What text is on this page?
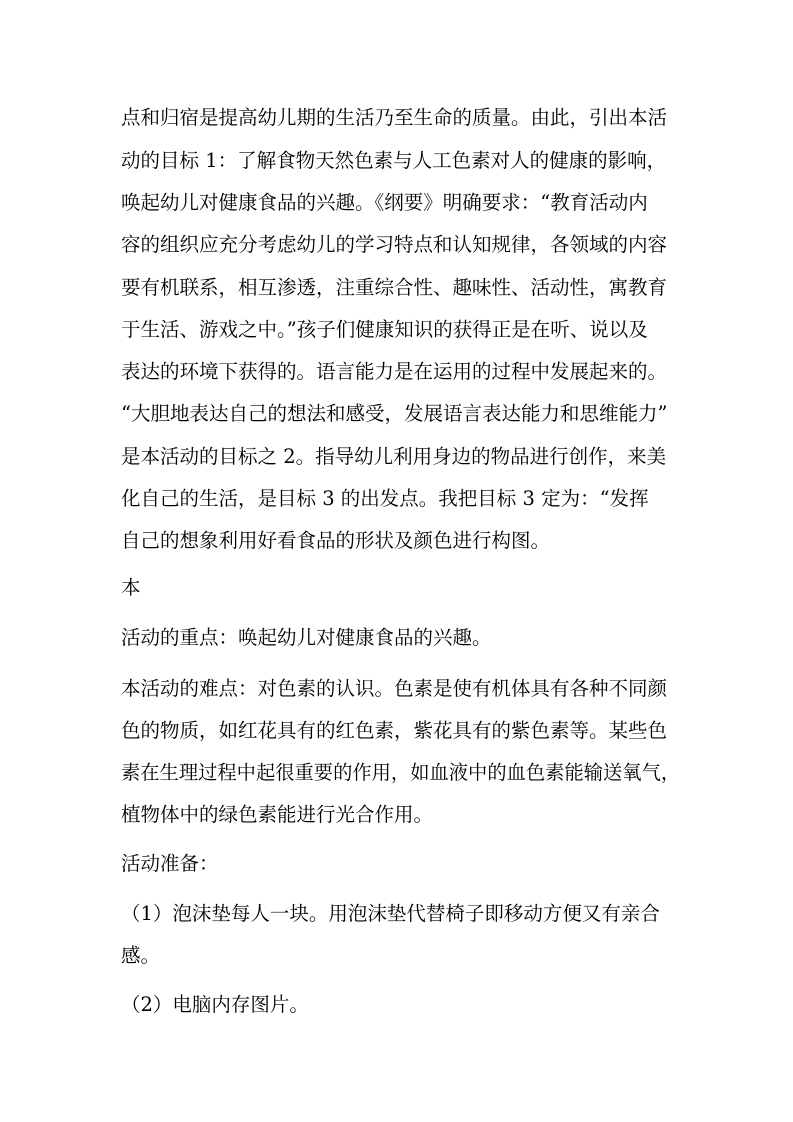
点和归宿是提高幼儿期的生活乃至生命的质量。由此，引出本活
动的目标 1：了解食物天然色素与人工色素对人的健康的影响，
唤起幼儿对健康食品的兴趣。《纲要》明确要求：“教育活动内
容的组织应充分考虑幼儿的学习特点和认知规律，各领域的内容
要有机联系，相互渗透，注重综合性、趣味性、活动性，寓教育
于生活、游戏之中。”孩子们健康知识的获得正是在听、说以及
表达的环境下获得的。语言能力是在运用的过程中发展起来的。
“大胆地表达自己的想法和感受，发展语言表达能力和思维能力”
是本活动的目标之 2。指导幼儿利用身边的物品进行创作，来美
化自己的生活，是目标 3 的出发点。我把目标 3 定为：“发挥
自己的想象利用好看食品的形状及颜色进行构图。
本
活动的重点：唤起幼儿对健康食品的兴趣。
本活动的难点：对色素的认识。色素是使有机体具有各种不同颜
色的物质，如红花具有的红色素，紫花具有的紫色素等。某些色
素在生理过程中起很重要的作用，如血液中的血色素能输送氧气，
植物体中的绿色素能进行光合作用。
活动准备：
（1）泡沫垫每人一块。用泡沫垫代替椅子即移动方便又有亲合
感。
（2）电脑内存图片。
